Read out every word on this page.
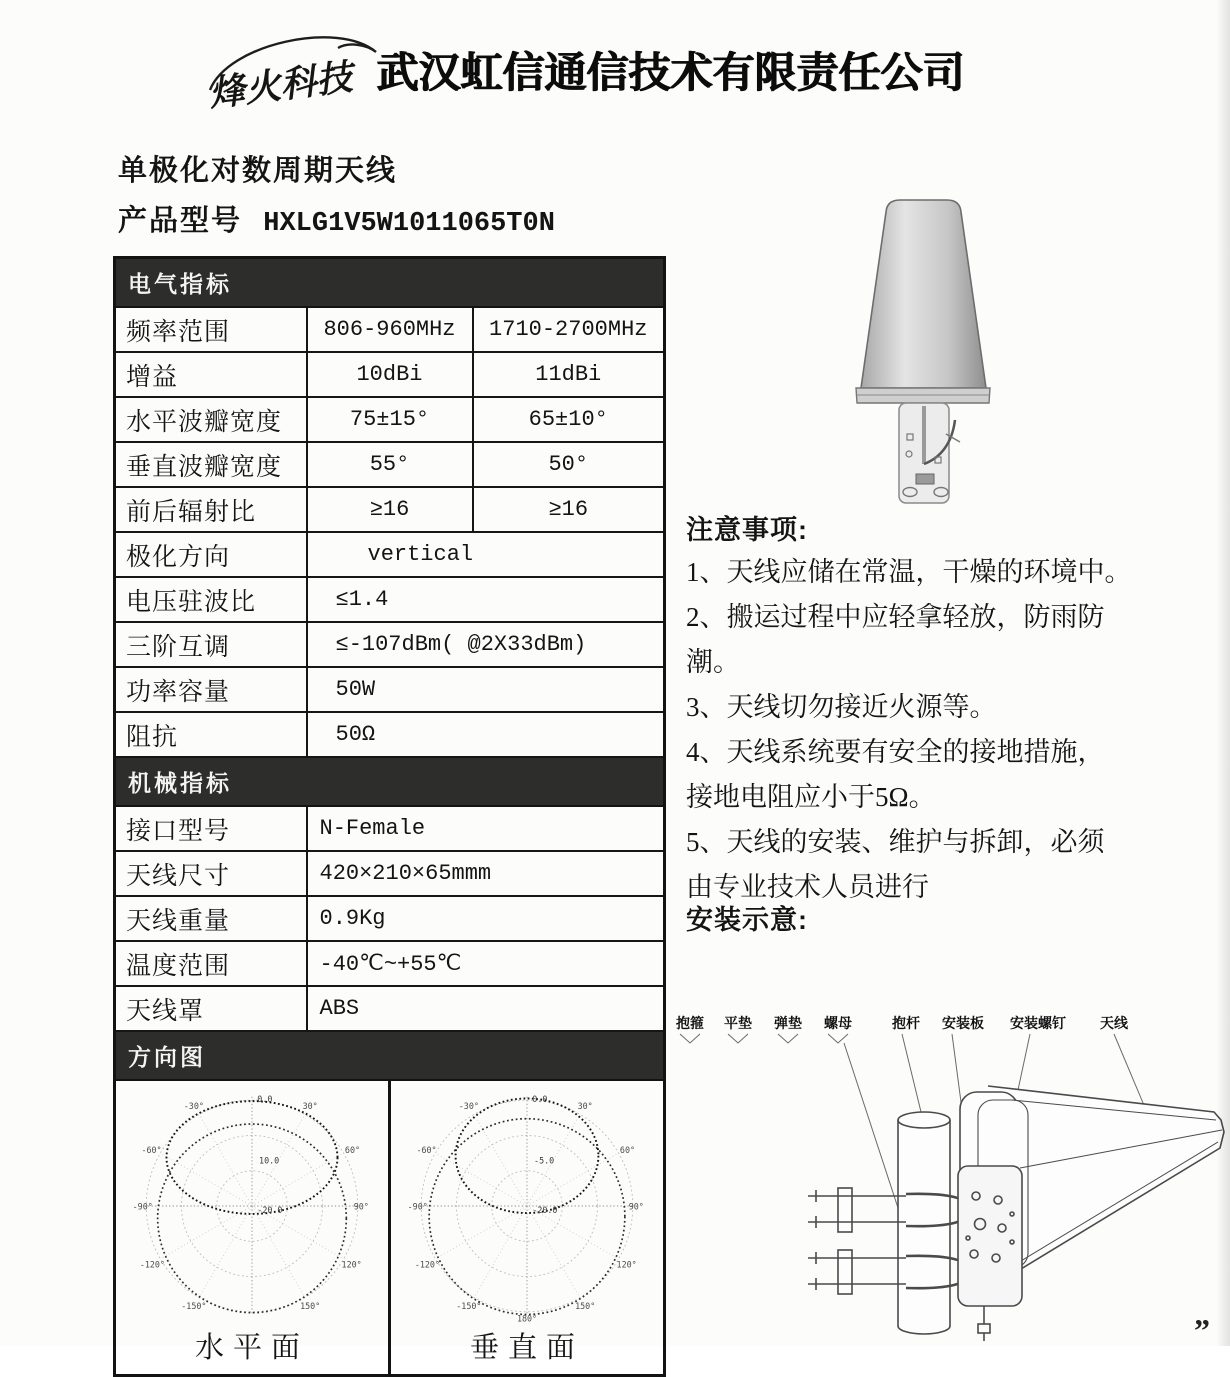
烽火科技 武汉虹信通信技术有限责任公司
单极化对数周期天线
产品型号 HXLG1V5W1011065T0N
电气指标		
频率范围	806-960MHz	1710-2700MHz
增益	10dBi	11dBi
水平波瓣宽度	75±15°	65±10°
垂直波瓣宽度	55°	50°
前后辐射比	≥16	≥16
极化方向	vertical	
电压驻波比	≤1.4	
三阶互调	≤-107dBm( @2X33dBm)	
功率容量	50W	
阻抗	50Ω	
机械指标		
接口型号	N-Female	
天线尺寸	420×210×65mmm	
天线重量	0.9Kg	
温度范围	-40℃~+55℃	
天线罩	ABS	
方向图		

-30°	30°
-60°	60°
-90°	90°
-120°	120°
-150°	150°
0.0
10.0
-20.0
水平面
-30°	30°
-60°	60°
-90°	90°
-120°	120°
-150°	150°
180°
0.0
-5.0
-20.0
垂直面
注意事项:

1、天线应储在常温，干燥的环境中。

2、搬运过程中应轻拿轻放，防雨防

潮。

3、天线切勿接近火源等。

4、天线系统要有安全的接地措施，

接地电阻应小于5Ω。

5、天线的安装、维护与拆卸，必须

由专业技术人员进行

安装示意:
抱箍 平垫 弹垫 螺母	抱杆 安装板 安装螺钉 天线
”
